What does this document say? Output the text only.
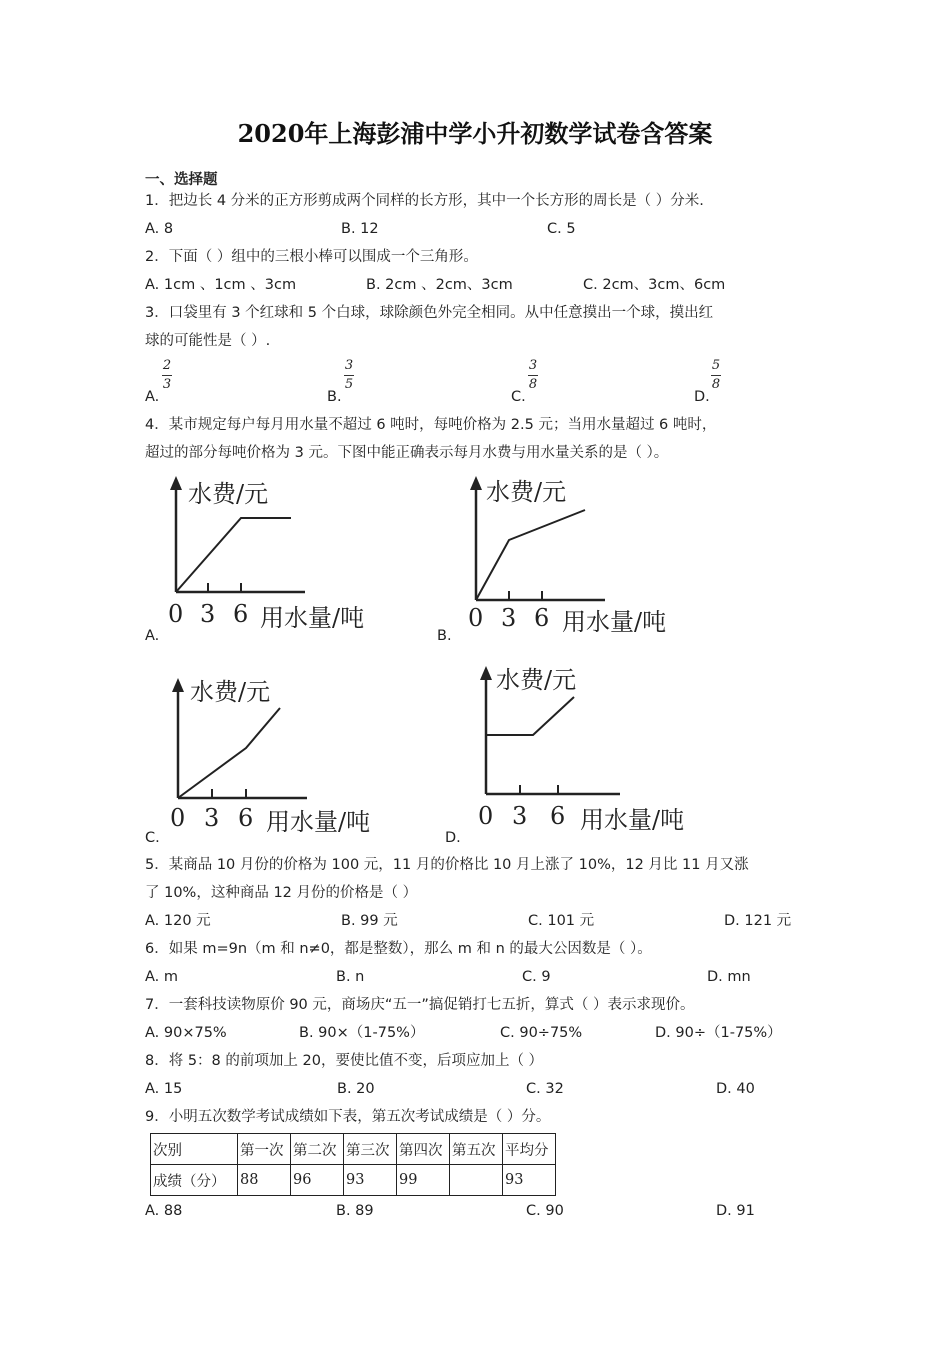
2020年上海彭浦中学小升初数学试卷含答案
一、选择题
1．把边长 4 分米的正方形剪成两个同样的长方形，其中一个长方形的周长是（ ）分米.
A. 8	B. 12	C. 5
2．下面（ ）组中的三根小棒可以围成一个三角形。
A. 1cm 、1cm 、3cm	B. 2cm 、2cm、3cm	C. 2cm、3cm、6cm
3．口袋里有 3 个红球和 5 个白球，球除颜色外完全相同。从中任意摸出一个球，摸出红
球的可能性是（ ）.
A.
2
3
B.
3
5
C.
3
8
D.
5
8
4．某市规定每户每月用水量不超过 6 吨时，每吨价格为 2.5 元；当用水量超过 6 吨时，
超过的部分每吨价格为 3 元。下图中能正确表示每月水费与用水量关系的是（ ）。
水费/元
0 3 6 用水量/吨
A.
水费/元
0 3 6 用水量/吨
B.
水费/元
0 3 6 用水量/吨
C.
水费/元
0 3 6 用水量/吨
D.
5．某商品 10 月份的价格为 100 元，11 月的价格比 10 月上涨了 10%，12 月比 11 月又涨
了 10%，这种商品 12 月份的价格是（ ）
A. 120 元	B. 99 元	C. 101 元	D. 121 元
6．如果 m=9n（m 和 n≠0，都是整数），那么 m 和 n 的最大公因数是（ ）。
A. m	B. n	C. 9	D. mn
7．一套科技读物原价 90 元，商场庆“五一”搞促销打七五折，算式（ ）表示求现价。
A. 90×75%	B. 90×（1-75%）	C. 90÷75%	D. 90÷（1-75%）
8．将 5：8 的前项加上 20，要使比值不变，后项应加上（ ）
A. 15	B. 20	C. 32	D. 40
9．小明五次数学考试成绩如下表，第五次考试成绩是（ ）分。
次别	第一次	第二次	第三次	第四次	第五次	平均分
成绩（分）	88	96	93	99		93
A. 88	B. 89	C. 90	D. 91
